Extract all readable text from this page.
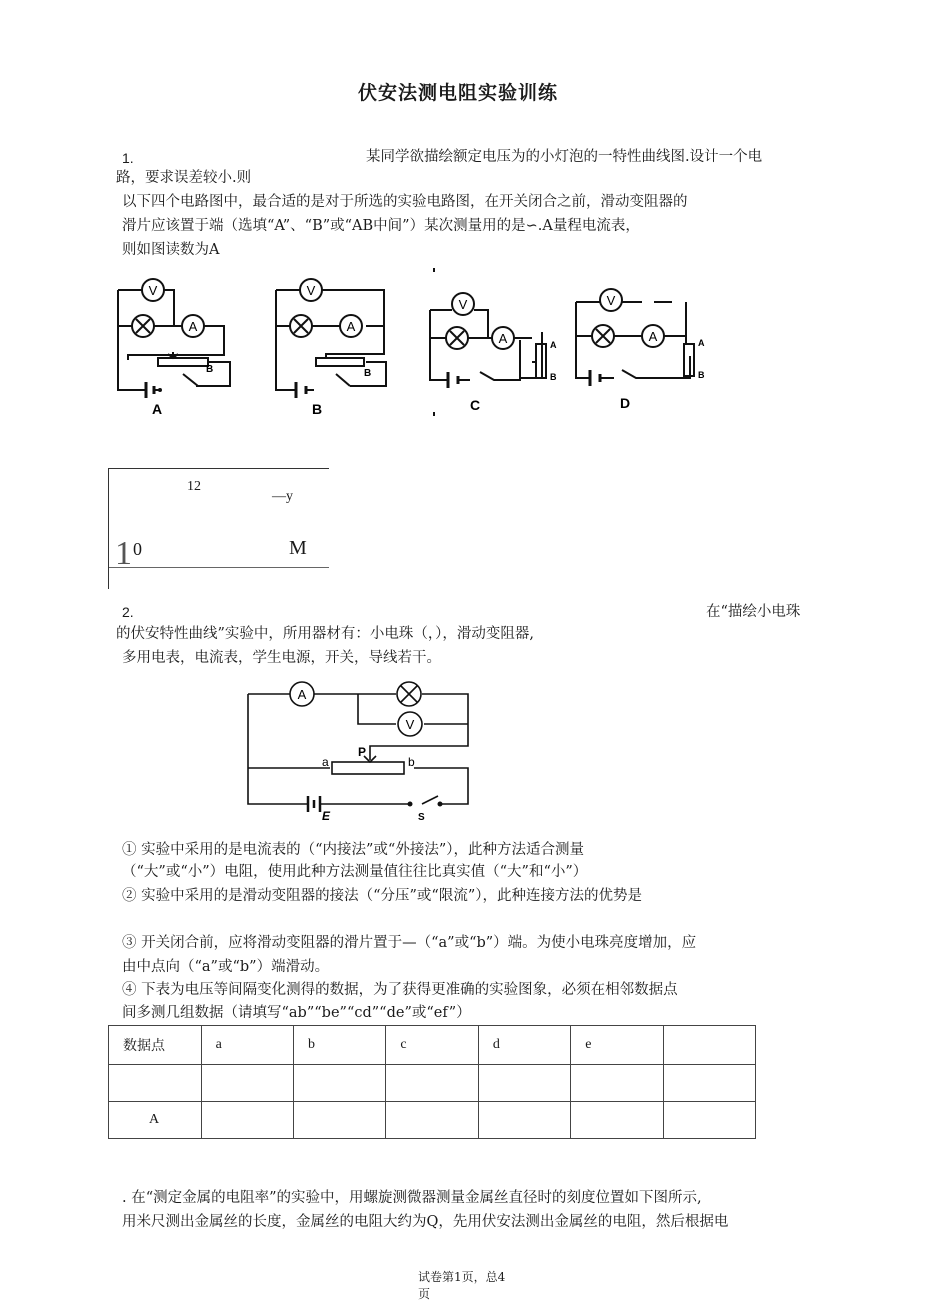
伏安法测电阻实验训练
1.	某同学欲描绘额定电压为的小灯泡的一特性曲线图.设计一个电
路，要求误差较小.则
以下四个电路图中，最合适的是对于所选的实验电路图，在开关闭合之前，滑动变阻器的
滑片应该置于端（选填“A”、“B”或“AB中间”）某次测量用的是∽.A量程电流表，
则如图读数为A
V
A
B
A
V
A
B
B
V
A	A
B
C
V
A	A
B
D
12
—y
1 0	M
2.	在“描绘小电珠
的伏安特性曲线”实验中，所用器材有：小电珠（，），滑动变阻器,
多用电表，电流表，学生电源，开关，导线若干。
A
V
P
a	b
E	S
① 实验中采用的是电流表的（“内接法”或“外接法”），此种方法适合测量
（“大”或“小”）电阻，使用此种方法测量值往往比真实值（“大”和“小”）
② 实验中采用的是滑动变阻器的接法（“分压”或“限流”），此种连接方法的优势是
③ 开关闭合前，应将滑动变阻器的滑片置于—（“a”或“b”）端。为使小电珠亮度增加，应
由中点向（“a”或“b”）端滑动。
④ 下表为电压等间隔变化测得的数据，为了获得更准确的实验图象，必须在相邻数据点
间多测几组数据（请填写“ab”“be”“cd”“de”或“ef”）
数据点	a	b	c	d	e	

A						
. 在“测定金属的电阻率”的实验中，用螺旋测微器测量金属丝直径时的刻度位置如下图所示,
用米尺测出金属丝的长度，金属丝的电阻大约为Q，先用伏安法测出金属丝的电阻，然后根据电
试卷第1页，总4
页
